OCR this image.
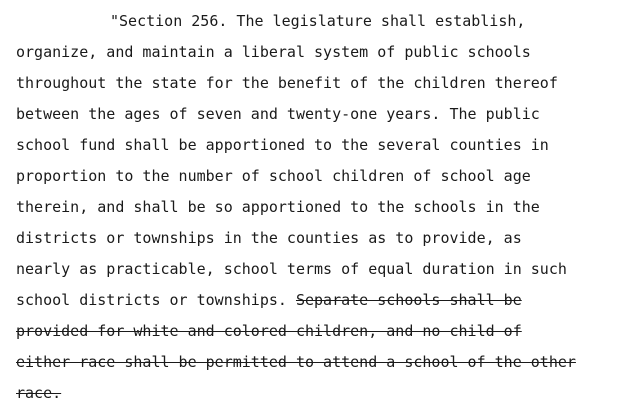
"Section 256. The legislature shall establish,
organize, and maintain a liberal system of public schools
throughout the state for the benefit of the children thereof
between the ages of seven and twenty-one years. The public
school fund shall be apportioned to the several counties in
proportion to the number of school children of school age
therein, and shall be so apportioned to the schools in the
districts or townships in the counties as to provide, as
nearly as practicable, school terms of equal duration in such
school districts or townships. Separate schools shall be
provided for white and colored children, and no child of
either race shall be permitted to attend a school of the other
race.
